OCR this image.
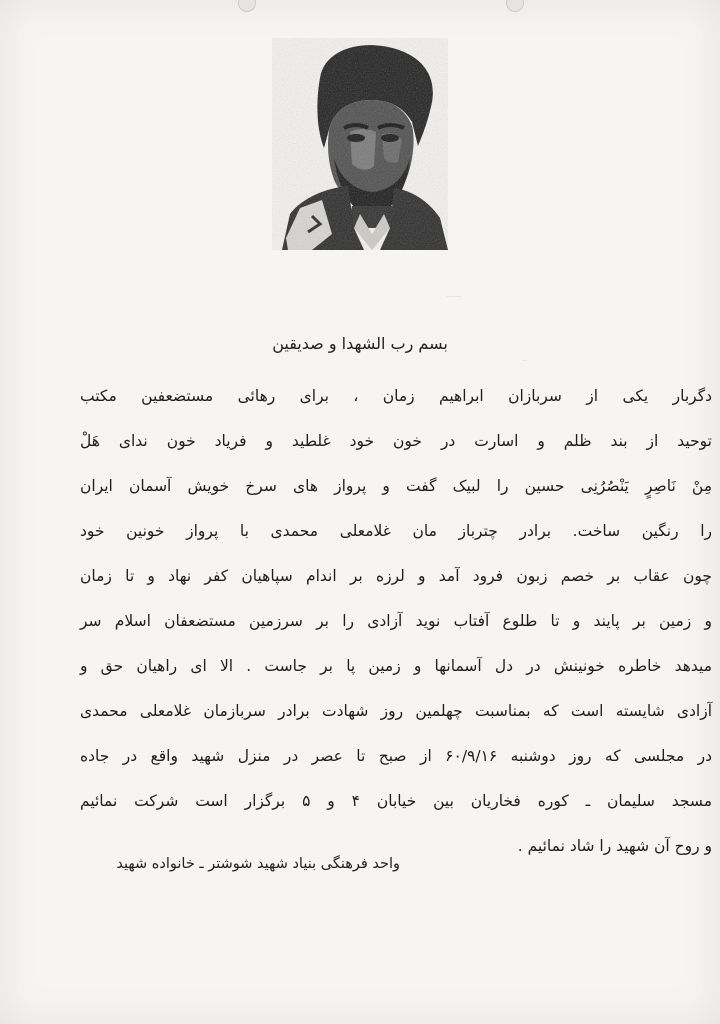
—
۔
بسم رب الشهدا و صدیقین
دگربار یکی از سربازان ابراهیم زمان ، برای رهائی مستضعفین مکتب
توحید از بند ظلم و اسارت در خون خود غلطید و فریاد خون ندای هَلْ
مِنْ نَاصِرٍ یَنْصُرُنِی حسین را لبیک گفت و پرواز های سرخ خویش آسمان ایران
را رنگین ساخت. برادر چترباز مان غلامعلی محمدی با پرواز خونین خود
چون عقاب بر خصم زبون فرود آمد و لرزه بر اندام سپاهیان کفر نهاد و تا زمان
و زمین بر پایند و تا طلوع آفتاب نوید آزادی را بر سرزمین مستضعفان اسلام سر
میدهد خاطره خونینش در دل آسمانها و زمین پا بر جاست . الا ای راهیان حق و
آزادی شایسته است که بمناسبت چهلمین روز شهادت برادر سربازمان غلامعلی محمدی
در مجلسی که روز دوشنبه ۶۰/۹/۱۶ از صبح تا عصر در منزل شهید واقع در جاده
مسجد سلیمان ـ کوره فخاریان بین خیابان ۴ و ۵ برگزار است شرکت نمائیم
و روح آن شهید را شاد نمائیم .
واحد فرهنگی بنیاد شهید شوشتر ـ خانواده شهید
